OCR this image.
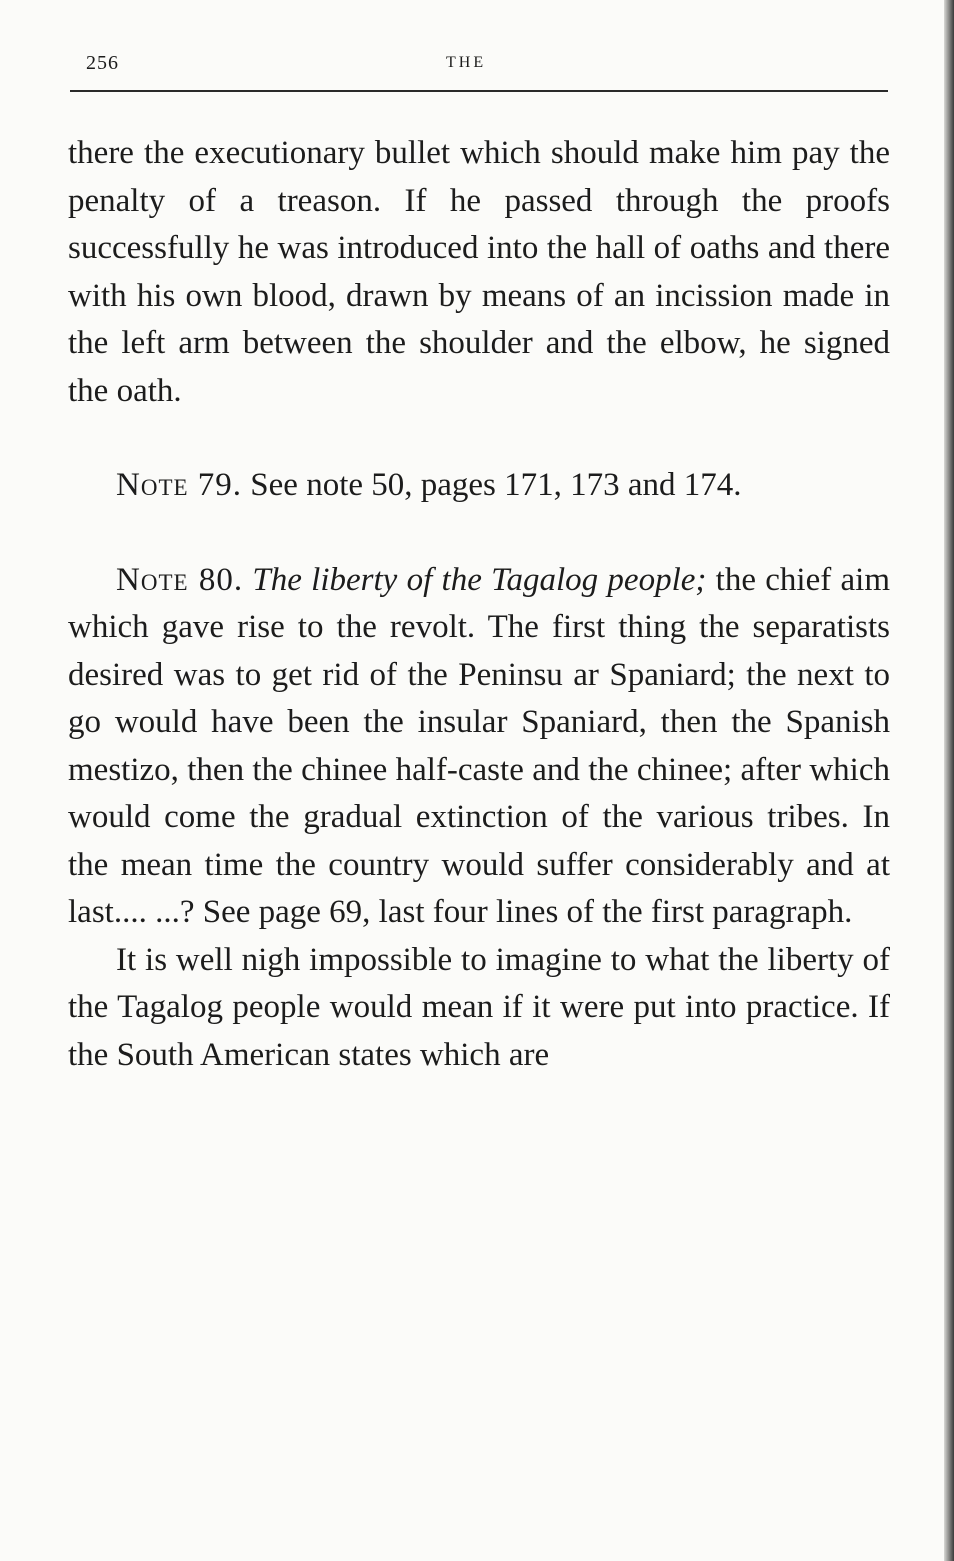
256	THE

there the executionary bullet which should make him pay the penalty of a treason. If he passed through the proofs successfully he was introduced into the hall of oaths and there with his own blood, drawn by means of an incission made in the left arm between the shoulder and the elbow, he signed the oath.

Note 79. See note 50, pages 171, 173 and 174.

Note 80. The liberty of the Tagalog people; the chief aim which gave rise to the revolt. The first thing the separatists desired was to get rid of the Peninsu ar Spaniard; the next to go would have been the insular Spaniard, then the Spanish mestizo, then the chinee half-caste and the chinee; after which would come the gradual extinction of the various tribes. In the mean time the country would suffer considerably and at last.... ...? See page 69, last four lines of the first paragraph.

It is well nigh impossible to imagine to what the liberty of the Tagalog people would mean if it were put into practice. If the South American states which are
